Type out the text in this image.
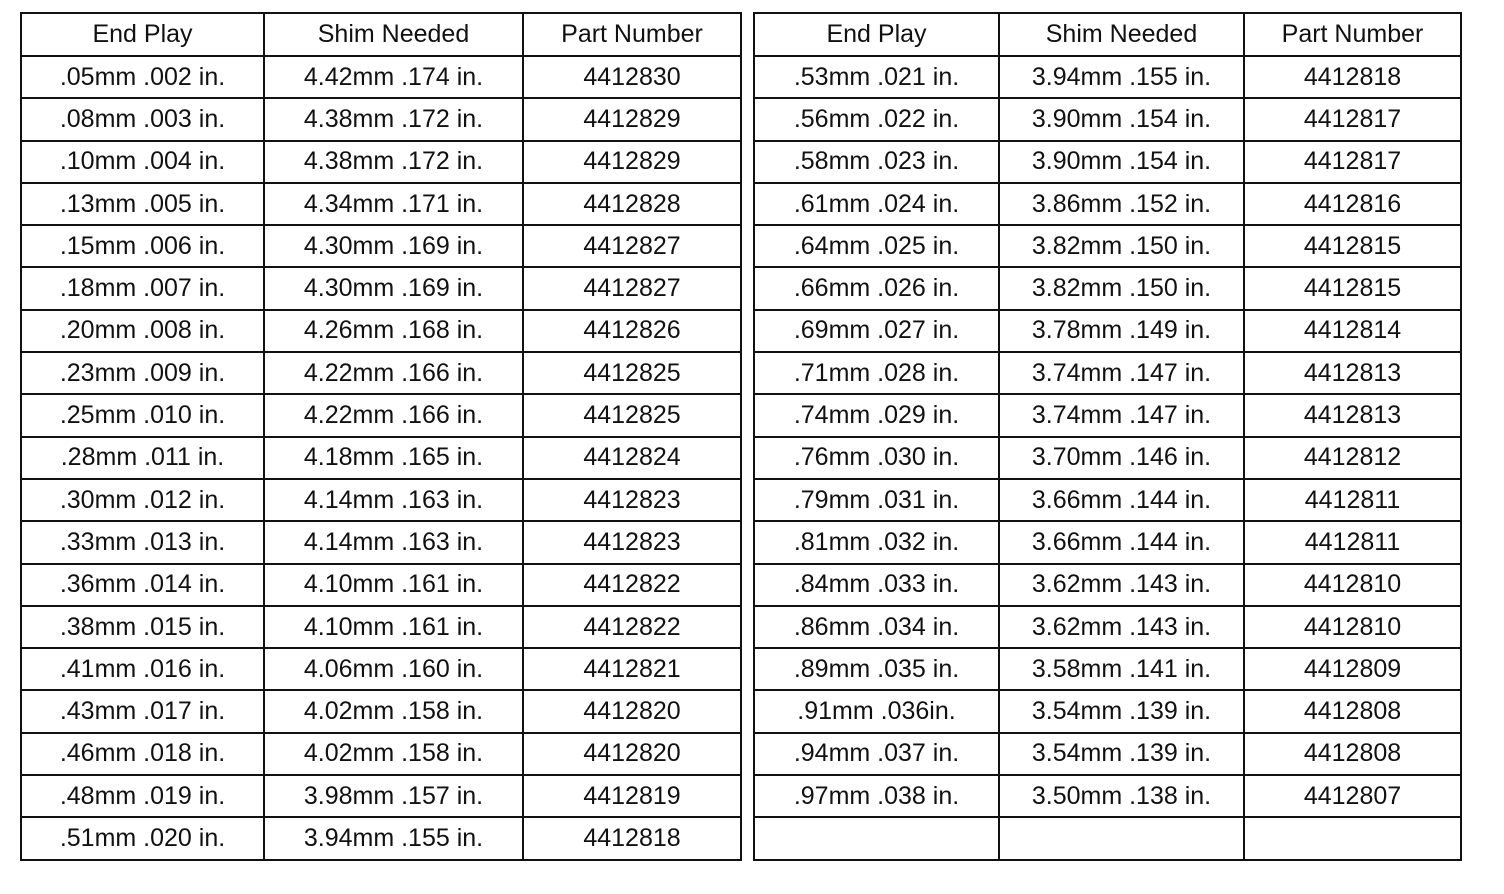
End Play	Shim Needed	Part Number
.05mm .002 in.	4.42mm .174 in.	4412830
.08mm .003 in.	4.38mm .172 in.	4412829
.10mm .004 in.	4.38mm .172 in.	4412829
.13mm .005 in.	4.34mm .171 in.	4412828
.15mm .006 in.	4.30mm .169 in.	4412827
.18mm .007 in.	4.30mm .169 in.	4412827
.20mm .008 in.	4.26mm .168 in.	4412826
.23mm .009 in.	4.22mm .166 in.	4412825
.25mm .010 in.	4.22mm .166 in.	4412825
.28mm .011 in.	4.18mm .165 in.	4412824
.30mm .012 in.	4.14mm .163 in.	4412823
.33mm .013 in.	4.14mm .163 in.	4412823
.36mm .014 in.	4.10mm .161 in.	4412822
.38mm .015 in.	4.10mm .161 in.	4412822
.41mm .016 in.	4.06mm .160 in.	4412821
.43mm .017 in.	4.02mm .158 in.	4412820
.46mm .018 in.	4.02mm .158 in.	4412820
.48mm .019 in.	3.98mm .157 in.	4412819
.51mm .020 in.	3.94mm .155 in.	4412818
End Play	Shim Needed	Part Number
.53mm .021 in.	3.94mm .155 in.	4412818
.56mm .022 in.	3.90mm .154 in.	4412817
.58mm .023 in.	3.90mm .154 in.	4412817
.61mm .024 in.	3.86mm .152 in.	4412816
.64mm .025 in.	3.82mm .150 in.	4412815
.66mm .026 in.	3.82mm .150 in.	4412815
.69mm .027 in.	3.78mm .149 in.	4412814
.71mm .028 in.	3.74mm .147 in.	4412813
.74mm .029 in.	3.74mm .147 in.	4412813
.76mm .030 in.	3.70mm .146 in.	4412812
.79mm .031 in.	3.66mm .144 in.	4412811
.81mm .032 in.	3.66mm .144 in.	4412811
.84mm .033 in.	3.62mm .143 in.	4412810
.86mm .034 in.	3.62mm .143 in.	4412810
.89mm .035 in.	3.58mm .141 in.	4412809
.91mm .036in.	3.54mm .139 in.	4412808
.94mm .037 in.	3.54mm .139 in.	4412808
.97mm .038 in.	3.50mm .138 in.	4412807
